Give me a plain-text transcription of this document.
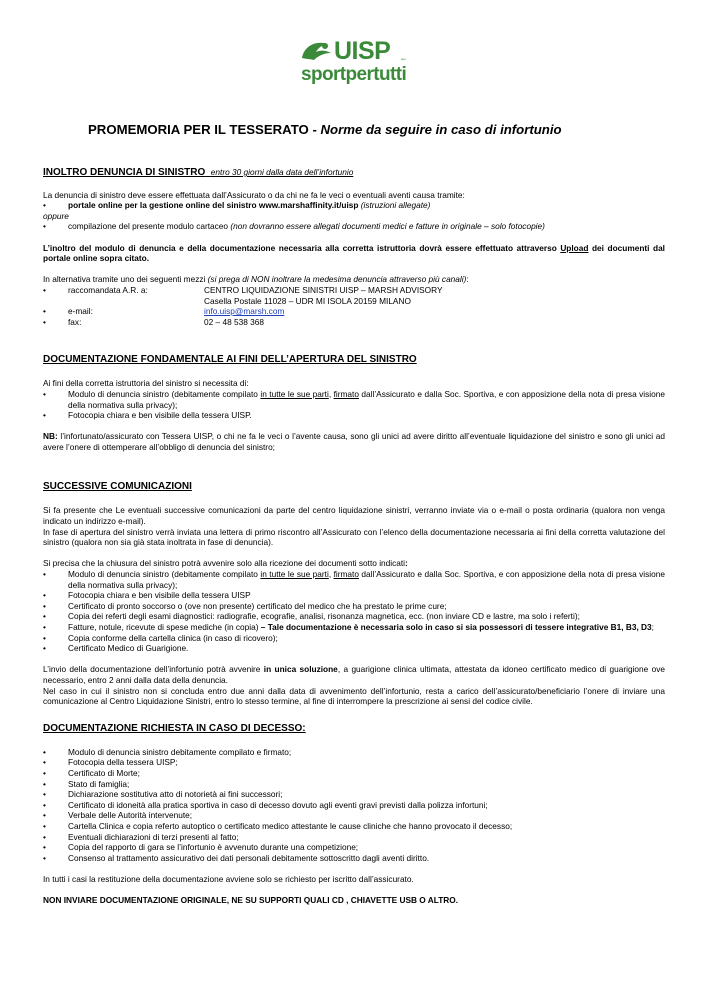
UISP	aps
sportpertutti
PROMEMORIA PER IL TESSERATO - Norme da seguire in caso di infortunio

INOLTRO DENUNCIA DI SINISTRO entro 30 giorni dalla data dell’infortunio

La denuncia di sinistro deve essere effettuata dall’Assicurato o da chi ne fa le veci o eventuali aventi causa tramite:

•	portale online per la gestione online del sinistro www.marshaffinity.it/uisp (istruzioni allegate)

oppure

•	compilazione del presente modulo cartaceo (non dovranno essere allegati documenti medici e fatture in originale – solo fotocopie)

L’inoltro del modulo di denuncia e della documentazione necessaria alla corretta istruttoria dovrà essere effettuato attraverso Upload dei documenti dal portale online sopra citato.

In alternativa tramite uno dei seguenti mezzi (si prega di NON inoltrare la medesima denuncia attraverso più canali):

•	raccomandata A.R. a:	CENTRO LIQUIDAZIONE SINISTRI UISP – MARSH ADVISORY
Casella Postale 11028 – UDR MI ISOLA 20159 MILANO
•	e-mail:	info.uisp@marsh.com
•	fax:	02 – 48 538 368

DOCUMENTAZIONE FONDAMENTALE AI FINI DELL’APERTURA DEL SINISTRO

Ai fini della corretta istruttoria del sinistro si necessita di:

•	Modulo di denuncia sinistro (debitamente compilato in tutte le sue parti, firmato dall’Assicurato e dalla Soc. Sportiva, e con apposizione della nota di presa visione della normativa sulla privacy);
•	Fotocopia chiara e ben visibile della tessera UISP.

NB: l’infortunato/assicurato con Tessera UISP, o chi ne fa le veci o l’avente causa, sono gli unici ad avere diritto all’eventuale liquidazione del sinistro e sono gli unici ad avere l’onere di ottemperare all’obbligo di denuncia del sinistro;

SUCCESSIVE COMUNICAZIONI

Si fa presente che Le eventuali successive comunicazioni da parte del centro liquidazione sinistri, verranno inviate via o e-mail o posta ordinaria (qualora non venga indicato un indirizzo e-mail).

In fase di apertura del sinistro verrà inviata una lettera di primo riscontro all’Assicurato con l’elenco della documentazione necessaria ai fini della corretta valutazione del sinistro (qualora non sia già stata inoltrata in fase di denuncia).

Si precisa che la chiusura del sinistro potrà avvenire solo alla ricezione dei documenti sotto indicati:

•	Modulo di denuncia sinistro (debitamente compilato in tutte le sue parti, firmato dall’Assicurato e dalla Soc. Sportiva, e con apposizione della nota di presa visione della normativa sulla privacy);
•	Fotocopia chiara e ben visibile della tessera UISP
•	Certificato di pronto soccorso o (ove non presente) certificato del medico che ha prestato le prime cure;
•	Copia dei referti degli esami diagnostici: radiografie, ecografie, analisi, risonanza magnetica, ecc. (non inviare CD e lastre, ma solo i referti);
•	Fatture, notule, ricevute di spese mediche (in copia) – Tale documentazione è necessaria solo in caso si sia possessori di tessere integrative B1, B3, D3;
•	Copia conforme della cartella clinica (in caso di ricovero);
•	Certificato Medico di Guarigione.

L’invio della documentazione dell’infortunio potrà avvenire in unica soluzione, a guarigione clinica ultimata, attestata da idoneo certificato medico di guarigione ove necessario, entro 2 anni dalla data della denuncia.

Nel caso in cui il sinistro non si concluda entro due anni dalla data di avvenimento dell’infortunio, resta a carico dell’assicurato/beneficiario l’onere di inviare una comunicazione al Centro Liquidazione Sinistri, entro lo stesso termine, al fine di interrompere la prescrizione ai sensi del codice civile.

DOCUMENTAZIONE RICHIESTA IN CASO DI DECESSO:

•	Modulo di denuncia sinistro debitamente compilato e firmato;
•	Fotocopia della tessera UISP;
•	Certificato di Morte;
•	Stato di famiglia;
•	Dichiarazione sostitutiva atto di notorietà ai fini successori;
•	Certificato di idoneità alla pratica sportiva in caso di decesso dovuto agli eventi gravi previsti dalla polizza infortuni;
•	Verbale delle Autorità intervenute;
•	Cartella Clinica e copia referto autoptico o certificato medico attestante le cause cliniche che hanno provocato il decesso;
•	Eventuali dichiarazioni di terzi presenti al fatto;
•	Copia del rapporto di gara se l’infortunio è avvenuto durante una competizione;
•	Consenso al trattamento assicurativo dei dati personali debitamente sottoscritto dagli aventi diritto.

In tutti i casi la restituzione della documentazione avviene solo se richiesto per iscritto dall’assicurato.

NON INVIARE DOCUMENTAZIONE ORIGINALE, NE SU SUPPORTI QUALI CD , CHIAVETTE USB O ALTRO.
